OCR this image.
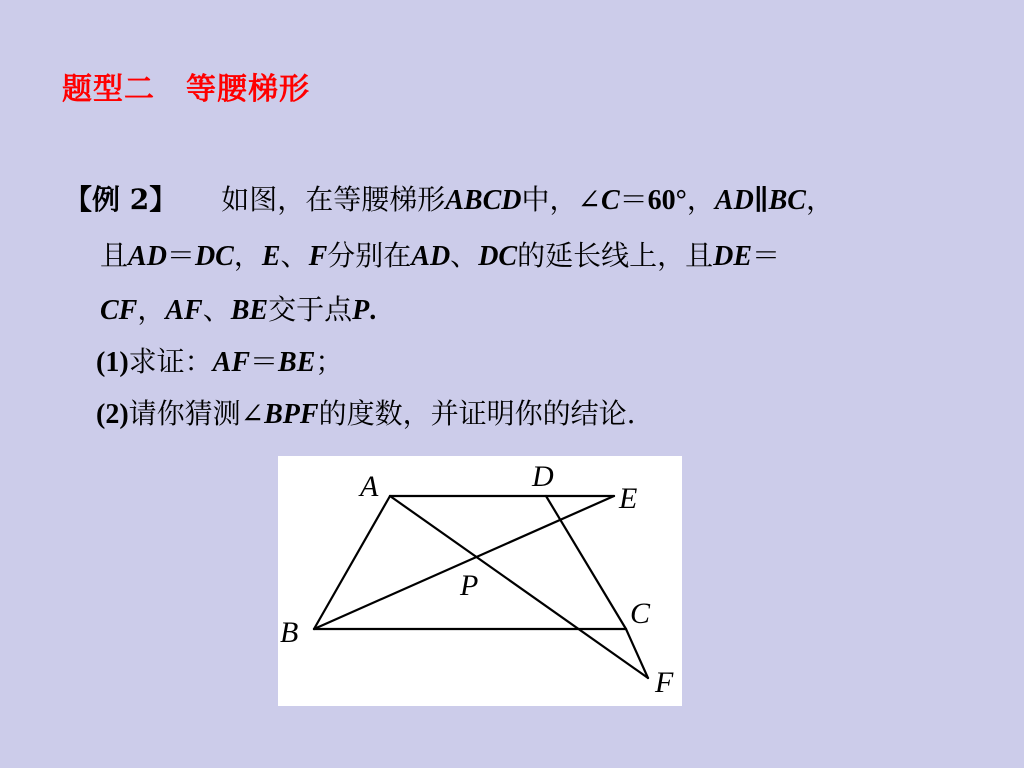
题型二　等腰梯形
【例 2】 如图，在等腰梯形ABCD中，∠C＝60°，AD∥BC，
且AD＝DC，E、F分别在AD、DC的延长线上，且DE＝
CF，AF、BE交于点P.
(1)求证：AF＝BE；
(2)请你猜测∠BPF的度数，并证明你的结论.
A	D
E
P
C
B
F
